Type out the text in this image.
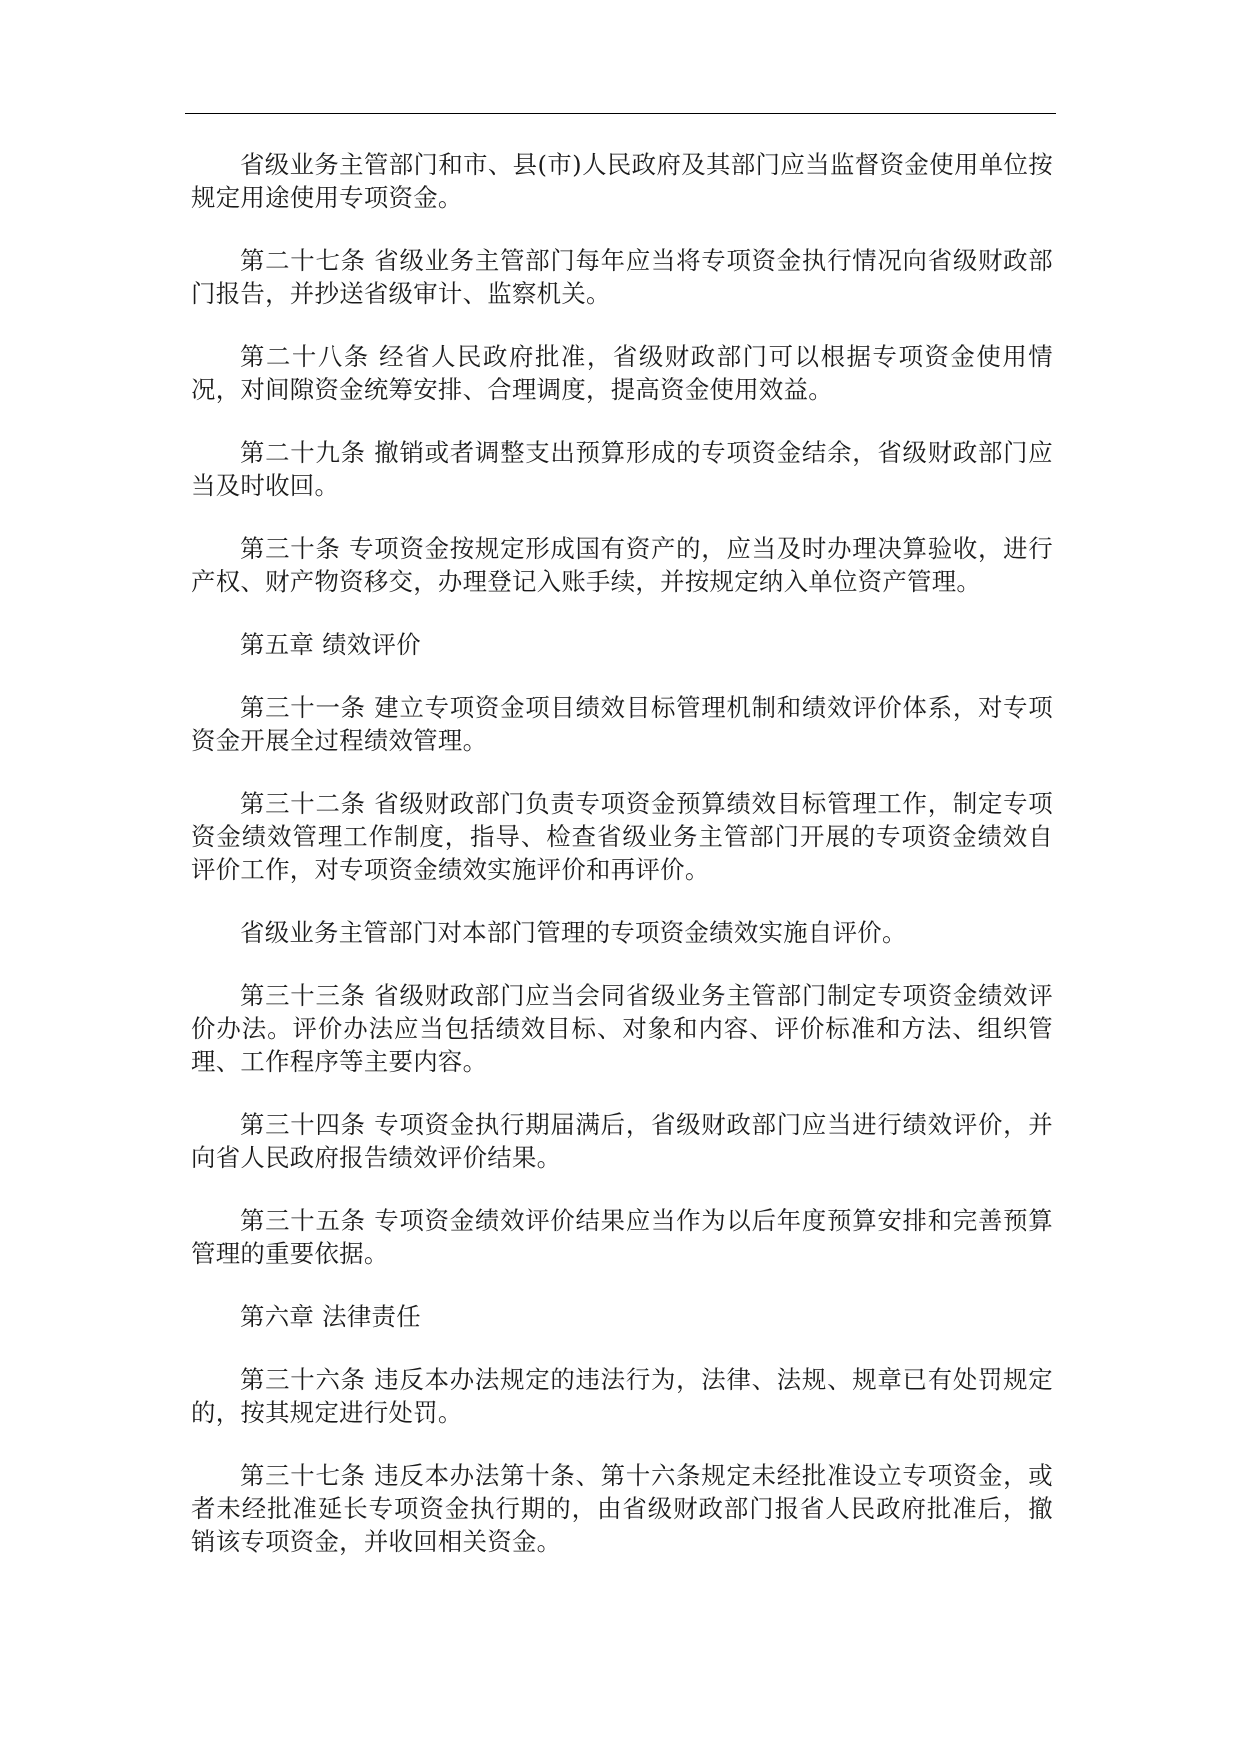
省级业务主管部门和市、县(市)人民政府及其部门应当监督资金使用单位按规定用途使用专项资金。

第二十七条 省级业务主管部门每年应当将专项资金执行情况向省级财政部门报告，并抄送省级审计、监察机关。

第二十八条 经省人民政府批准，省级财政部门可以根据专项资金使用情况，对间隙资金统筹安排、合理调度，提高资金使用效益。

第二十九条 撤销或者调整支出预算形成的专项资金结余，省级财政部门应当及时收回。

第三十条 专项资金按规定形成国有资产的，应当及时办理决算验收，进行产权、财产物资移交，办理登记入账手续，并按规定纳入单位资产管理。

第五章 绩效评价

第三十一条 建立专项资金项目绩效目标管理机制和绩效评价体系，对专项资金开展全过程绩效管理。

第三十二条 省级财政部门负责专项资金预算绩效目标管理工作，制定专项资金绩效管理工作制度，指导、检查省级业务主管部门开展的专项资金绩效自评价工作，对专项资金绩效实施评价和再评价。

省级业务主管部门对本部门管理的专项资金绩效实施自评价。

第三十三条 省级财政部门应当会同省级业务主管部门制定专项资金绩效评价办法。评价办法应当包括绩效目标、对象和内容、评价标准和方法、组织管理、工作程序等主要内容。

第三十四条 专项资金执行期届满后，省级财政部门应当进行绩效评价，并向省人民政府报告绩效评价结果。

第三十五条 专项资金绩效评价结果应当作为以后年度预算安排和完善预算管理的重要依据。

第六章 法律责任

第三十六条 违反本办法规定的违法行为，法律、法规、规章已有处罚规定的，按其规定进行处罚。

第三十七条 违反本办法第十条、第十六条规定未经批准设立专项资金，或者未经批准延长专项资金执行期的，由省级财政部门报省人民政府批准后，撤销该专项资金，并收回相关资金。
